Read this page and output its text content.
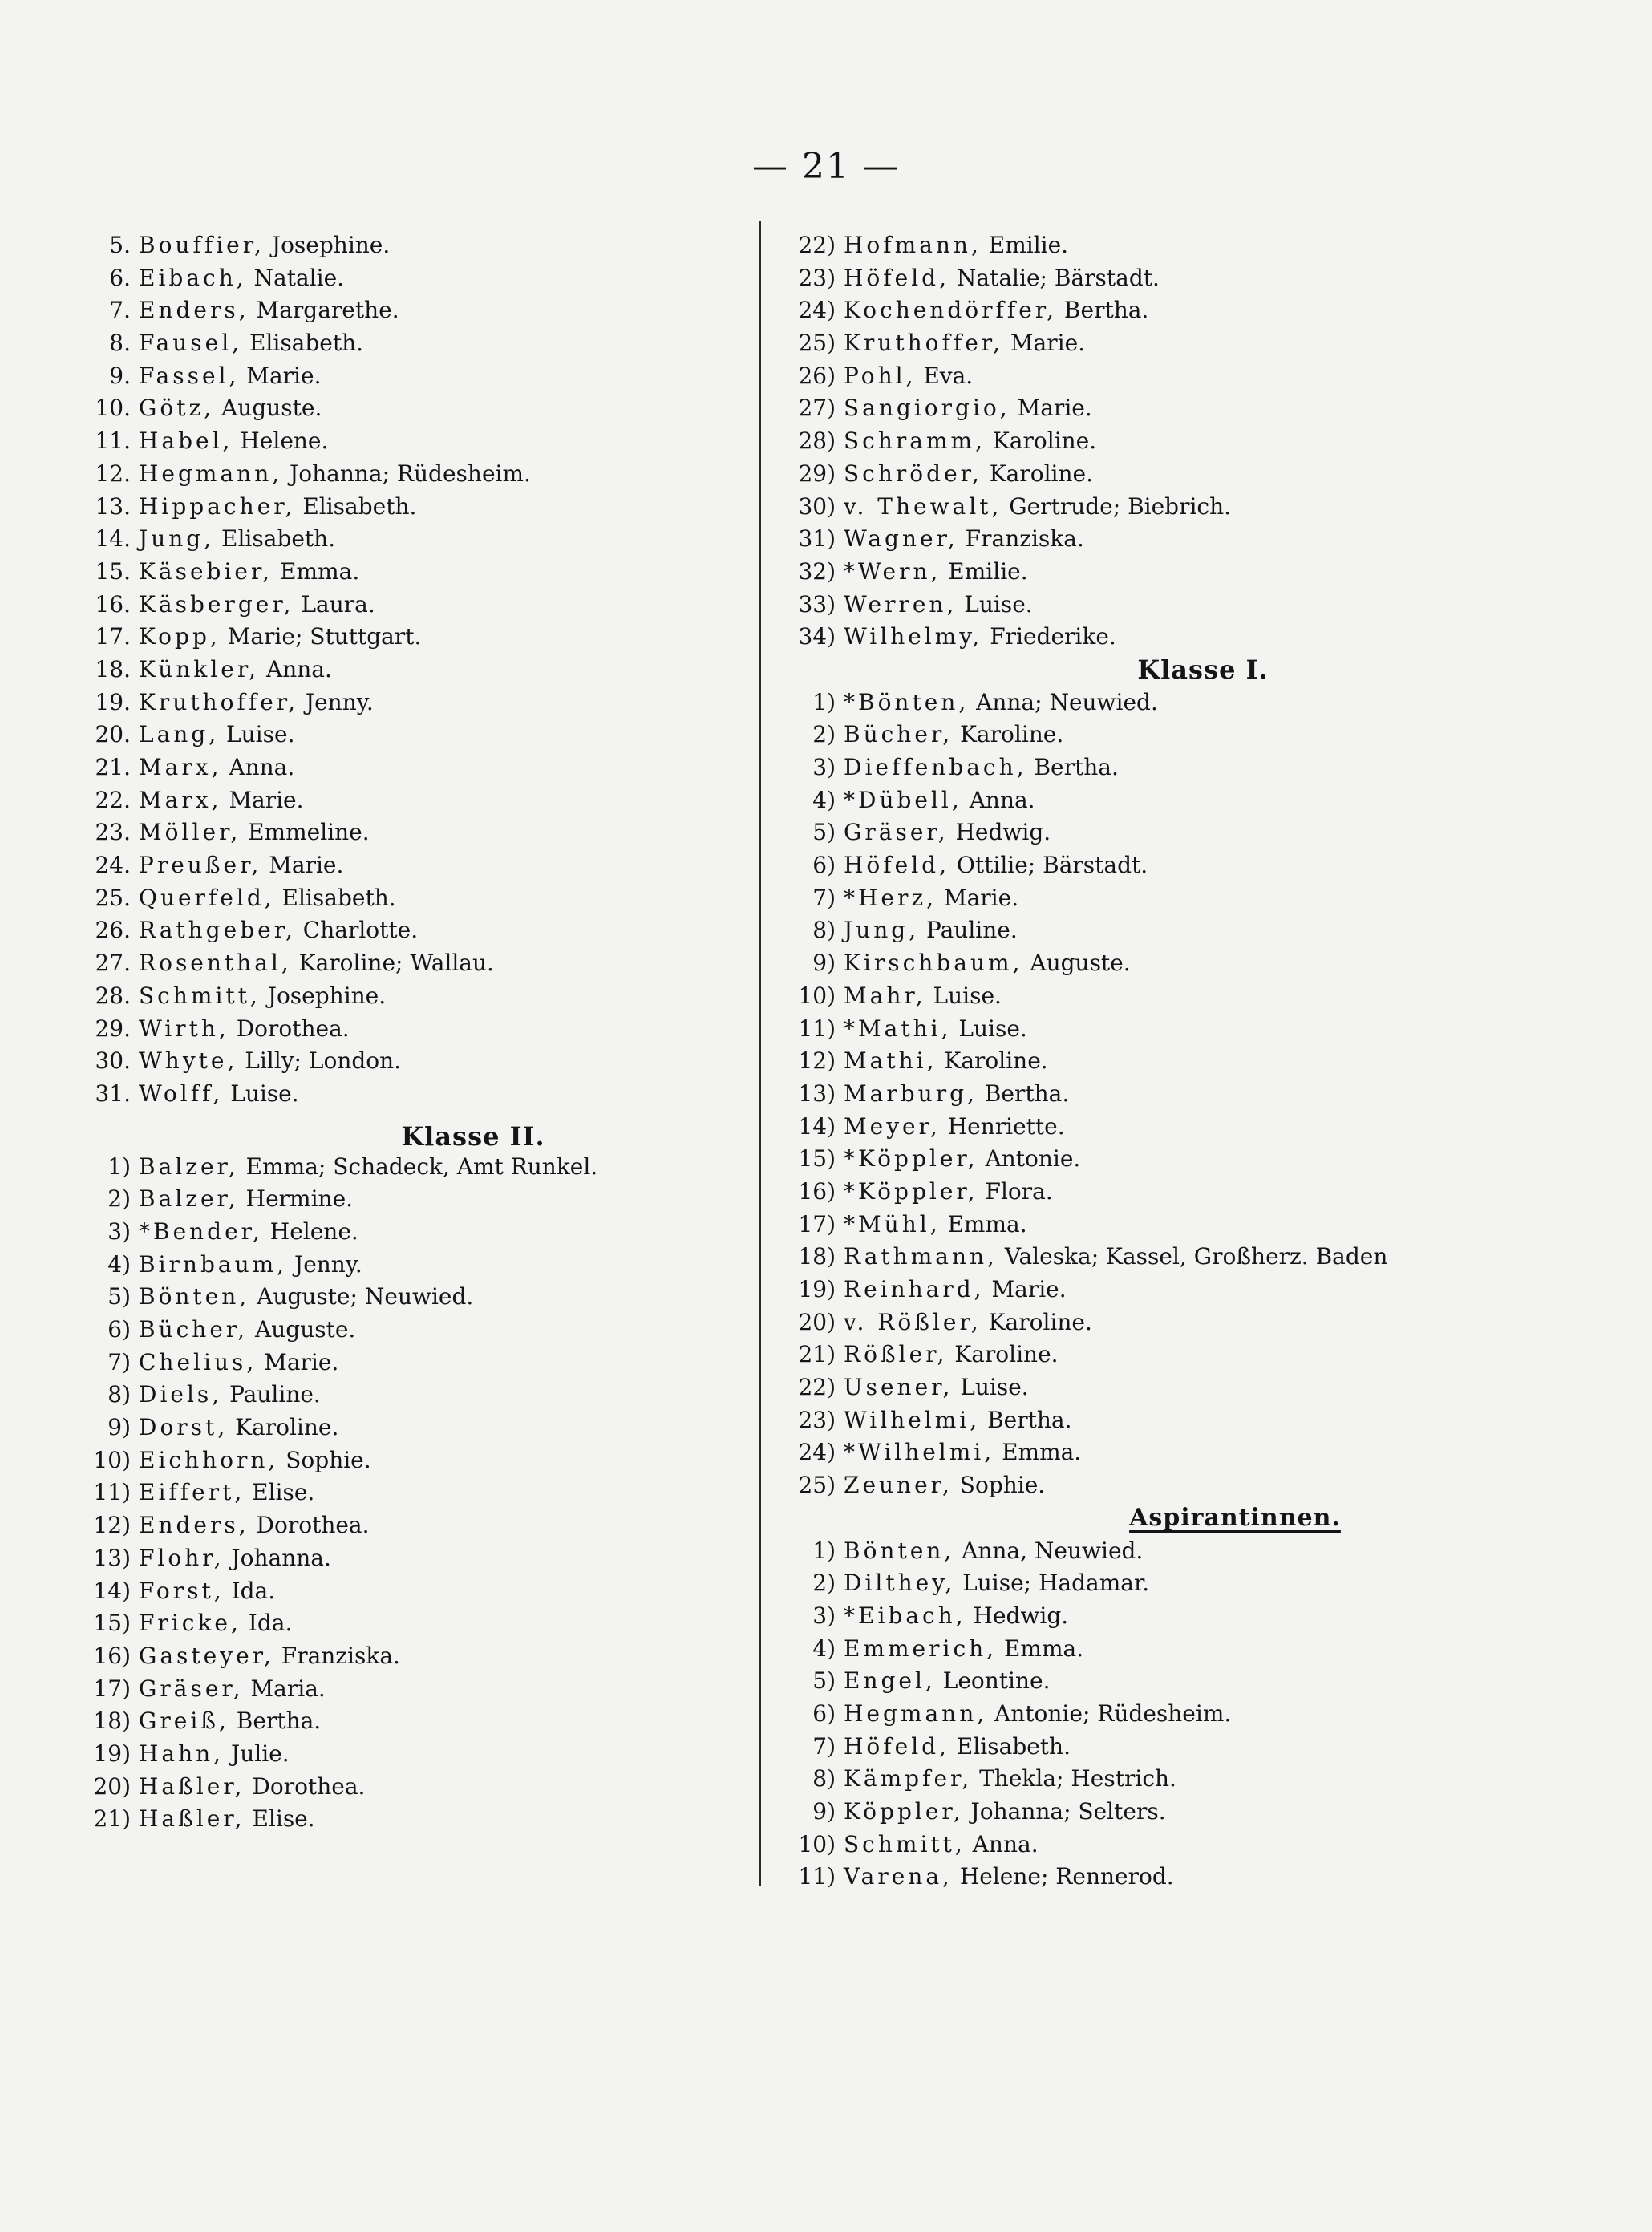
— 21 —
5. Bouffier, Josephine.
6. Eibach, Natalie.
7. Enders, Margarethe.
8. Fausel, Elisabeth.
9. Fassel, Marie.
10. Götz, Auguste.
11. Habel, Helene.
12. Hegmann, Johanna; Rüdesheim.
13. Hippacher, Elisabeth.
14. Jung, Elisabeth.
15. Käsebier, Emma.
16. Käsberger, Laura.
17. Kopp, Marie; Stuttgart.
18. Künkler, Anna.
19. Kruthoffer, Jenny.
20. Lang, Luise.
21. Marx, Anna.
22. Marx, Marie.
23. Möller, Emmeline.
24. Preußer, Marie.
25. Querfeld, Elisabeth.
26. Rathgeber, Charlotte.
27. Rosenthal, Karoline; Wallau.
28. Schmitt, Josephine.
29. Wirth, Dorothea.
30. Whyte, Lilly; London.
31. Wolff, Luise.
Klasse II.
1) Balzer, Emma; Schadeck, Amt Runkel.
2) Balzer, Hermine.
3) *Bender, Helene.
4) Birnbaum, Jenny.
5) Bönten, Auguste; Neuwied.
6) Bücher, Auguste.
7) Chelius, Marie.
8) Diels, Pauline.
9) Dorst, Karoline.
10) Eichhorn, Sophie.
11) Eiffert, Elise.
12) Enders, Dorothea.
13) Flohr, Johanna.
14) Forst, Ida.
15) Fricke, Ida.
16) Gasteyer, Franziska.
17) Gräser, Maria.
18) Greiß, Bertha.
19) Hahn, Julie.
20) Haßler, Dorothea.
21) Haßler, Elise.
22) Hofmann, Emilie.
23) Höfeld, Natalie; Bärstadt.
24) Kochendörffer, Bertha.
25) Kruthoffer, Marie.
26) Pohl, Eva.
27) Sangiorgio, Marie.
28) Schramm, Karoline.
29) Schröder, Karoline.
30) v. Thewalt, Gertrude; Biebrich.
31) Wagner, Franziska.
32) *Wern, Emilie.
33) Werren, Luise.
34) Wilhelmy, Friederike.
Klasse I.
1) *Bönten, Anna; Neuwied.
2) Bücher, Karoline.
3) Dieffenbach, Bertha.
4) *Dübell, Anna.
5) Gräser, Hedwig.
6) Höfeld, Ottilie; Bärstadt.
7) *Herz, Marie.
8) Jung, Pauline.
9) Kirschbaum, Auguste.
10) Mahr, Luise.
11) *Mathi, Luise.
12) Mathi, Karoline.
13) Marburg, Bertha.
14) Meyer, Henriette.
15) *Köppler, Antonie.
16) *Köppler, Flora.
17) *Mühl, Emma.
18) Rathmann, Valeska; Kassel, Großherz. Baden
19) Reinhard, Marie.
20) v. Rößler, Karoline.
21) Rößler, Karoline.
22) Usener, Luise.
23) Wilhelmi, Bertha.
24) *Wilhelmi, Emma.
25) Zeuner, Sophie.
Aspirantinnen.
1) Bönten, Anna, Neuwied.
2) Dilthey, Luise; Hadamar.
3) *Eibach, Hedwig.
4) Emmerich, Emma.
5) Engel, Leontine.
6) Hegmann, Antonie; Rüdesheim.
7) Höfeld, Elisabeth.
8) Kämpfer, Thekla; Hestrich.
9) Köppler, Johanna; Selters.
10) Schmitt, Anna.
11) Varena, Helene; Rennerod.
